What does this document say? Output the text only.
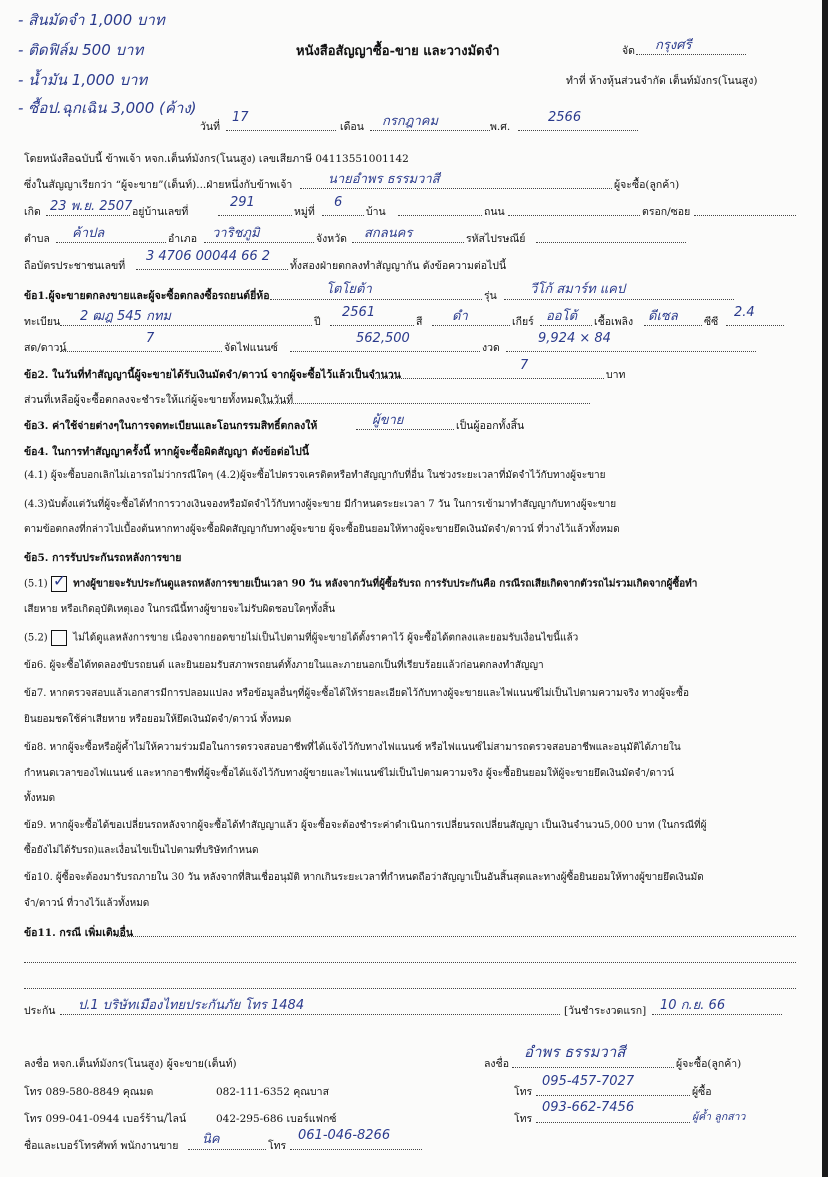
- สินมัดจำ 1,000 บาท
- ติดฟิล์ม 500 บาท
- น้ำมัน 1,000 บาท
- ซื้อป.ฉุกเฉิน 3,000 (ค้าง)
หนังสือสัญญาซื้อ-ขาย และวางมัดจำ	จัด กรุงศรี
ทำที่ ห้างหุ้นส่วนจำกัด เต็นท์มังกร(โนนสูง)
วันที่
17
เดือน กรกฎาคม	พ.ศ.
2566
โดยหนังสือฉบับนี้ ข้าพเจ้า หจก.เต็นท์มังกร(โนนสูง) เลขเสียภาษี 04113551001142
ซึ่งในสัญญาเรียกว่า “ผู้จะขาย”(เต็นท์)...ฝ่ายหนึ่งกับข้าพเจ้า	นายอำพร ธรรมวาสี	ผู้จะซื้อ(ลูกค้า)
เกิด 23 พ.ย. 2507 อยู่บ้านเลขที่
291
หมู่ที่
6
บ้าน	ถนน	ตรอก/ซอย
ตำบล ค้าปล	อำเภอ วาริชภูมิ	จังหวัด สกลนคร	รหัสไปรษณีย์
ถือบัตรประชาชนเลขที่
3 4706 00044 66 2
ทั้งสองฝ่ายตกลงทำสัญญากัน ดังข้อความต่อไปนี้
ข้อ1.ผู้จะขายตกลงขายและผู้จะซื้อตกลงซื้อรถยนต์ยี่ห้อ	โตโยต้า	รุ่น	วีโก้ สมาร์ท แคป
ทะเบียน 2 ฒฎ 545 กทม	ปี
2561
สี ดำ	เกียร์ ออโต้ เชื้อเพลิง ดีเซล	ซีซี
2.4
สด/ดาวน์
7
จัดไฟแนนซ์
562,500
งวด
9,924 × 84
ข้อ2. ในวันที่ทำสัญญานี้ผู้จะขายได้รับเงินมัดจำ/ดาวน์ จากผู้จะซื้อไว้แล้วเป็นจำนวน
7
บาท
ส่วนที่เหลือผู้จะซื้อตกลงจะชำระให้แก่ผู้จะขายทั้งหมดในวันที่
ข้อ3. ค่าใช้จ่ายต่างๆในการจดทะเบียนและโอนกรรมสิทธิ์ตกลงให้	ผู้ขาย	เป็นผู้ออกทั้งสิ้น
ข้อ4. ในการทำสัญญาครั้งนี้ หากผู้จะซื้อผิดสัญญา ดังข้อต่อไปนี้
(4.1) ผู้จะซื้อบอกเลิกไม่เอารถไม่ว่ากรณีใดๆ (4.2)ผู้จะซื้อไปตรวจเครดิตหรือทำสัญญากับที่อื่น ในช่วงระยะเวลาที่มัดจำไว้กับทางผู้จะขาย
(4.3)นับตั้งแต่วันที่ผู้จะซื้อได้ทำการวางเงินจองหรือมัดจำไว้กับทางผู้จะขาย มีกำหนดระยะเวลา 7 วัน ในการเข้ามาทำสัญญากับทางผู้จะขาย
ตามข้อตกลงที่กล่าวไปเบื้องต้นหากทางผู้จะซื้อผิดสัญญากับทางผู้จะขาย ผู้จะซื้อยินยอมให้ทางผู้จะขายยึดเงินมัดจำ/ดาวน์ ที่วางไว้แล้วทั้งหมด
ข้อ5. การรับประกันรถหลังการขาย
(5.1) ✓ ทางผู้ขายจะรับประกันดูแลรถหลังการขายเป็นเวลา 90 วัน หลังจากวันที่ผู้ซื้อรับรถ การรับประกันคือ กรณีรถเสียเกิดจากตัวรถไม่รวมเกิดจากผู้ซื้อทำ
เสียหาย หรือเกิดอุบัติเหตุเอง ในกรณีนี้ทางผู้ขายจะไม่รับผิดชอบใดๆทั้งสิ้น
(5.2)	ไม่ได้ดูแลหลังการขาย เนื่องจากยอดขายไม่เป็นไปตามที่ผู้จะขายได้ตั้งราคาไว้ ผู้จะซื้อได้ตกลงและยอมรับเงื่อนไขนี้แล้ว
ข้อ6. ผู้จะซื้อได้ทดลองขับรถยนต์ และยินยอมรับสภาพรถยนต์ทั้งภายในและภายนอกเป็นที่เรียบร้อยแล้วก่อนตกลงทำสัญญา
ข้อ7. หากตรวจสอบแล้วเอกสารมีการปลอมแปลง หรือข้อมูลอื่นๆที่ผู้จะซื้อได้ให้รายละเอียดไว้กับทางผู้จะขายและไฟแนนซ์ไม่เป็นไปตามความจริง ทางผู้จะซื้อ
ยินยอมชดใช้ค่าเสียหาย หรือยอมให้ยึดเงินมัดจำ/ดาวน์ ทั้งหมด
ข้อ8. หากผู้จะซื้อหรือผู้ค้ำไม่ให้ความร่วมมือในการตรวจสอบอาชีพที่ได้แจ้งไว้กับทางไฟแนนซ์ หรือไฟแนนซ์ไม่สามารถตรวจสอบอาชีพและอนุมัติได้ภายใน
กำหนดเวลาของไฟแนนซ์ และหากอาชีพที่ผู้จะซื้อได้แจ้งไว้กับทางผู้ขายและไฟแนนซ์ไม่เป็นไปตามความจริง ผู้จะซื้อยินยอมให้ผู้จะขายยึดเงินมัดจำ/ดาวน์
ทั้งหมด
ข้อ9. หากผู้จะซื้อได้ขอเปลี่ยนรถหลังจากผู้จะซื้อได้ทำสัญญาแล้ว ผู้จะซื้อจะต้องชำระค่าดำเนินการเปลี่ยนรถเปลี่ยนสัญญา เป็นเงินจำนวน5,000 บาท (ในกรณีที่ผู้
ซื้อยังไม่ได้รับรถ)และเงื่อนไขเป็นไปตามที่บริษัทกำหนด
ข้อ10. ผู้ซื้อจะต้องมารับรถภายใน 30 วัน หลังจากที่สินเชื่ออนุมัติ หากเกินระยะเวลาที่กำหนดถือว่าสัญญาเป็นอันสิ้นสุดและทางผู้ซื้อยินยอมให้ทางผู้ขายยึดเงินมัด
จำ/ดาวน์ ที่วางไว้แล้วทั้งหมด
ข้อ11. กรณี เพิ่มเติมอื่น
ประกัน ป.1 บริษัทเมืองไทยประกันภัย โทร 1484	[วันชำระงวดแรก] 10 ก.ย. 66
ลงชื่อ หจก.เต็นท์มังกร(โนนสูง) ผู้จะขาย(เต็นท์)	ลงชื่อ
อำพร ธรรมวาสี
ผู้จะซื้อ(ลูกค้า)
โทร 089-580-8849 คุณมด	082-111-6352 คุณบาส	โทร
095-457-7027
ผู้ซื้อ
โทร 099-041-0944 เบอร์ร้าน/ไลน์	042-295-686 เบอร์แฟกซ์	โทร
093-662-7456
ผู้ค้ำ ลูกสาว
ชื่อและเบอร์โทรศัพท์ พนักงานขาย นิค	โทร
061-046-8266
